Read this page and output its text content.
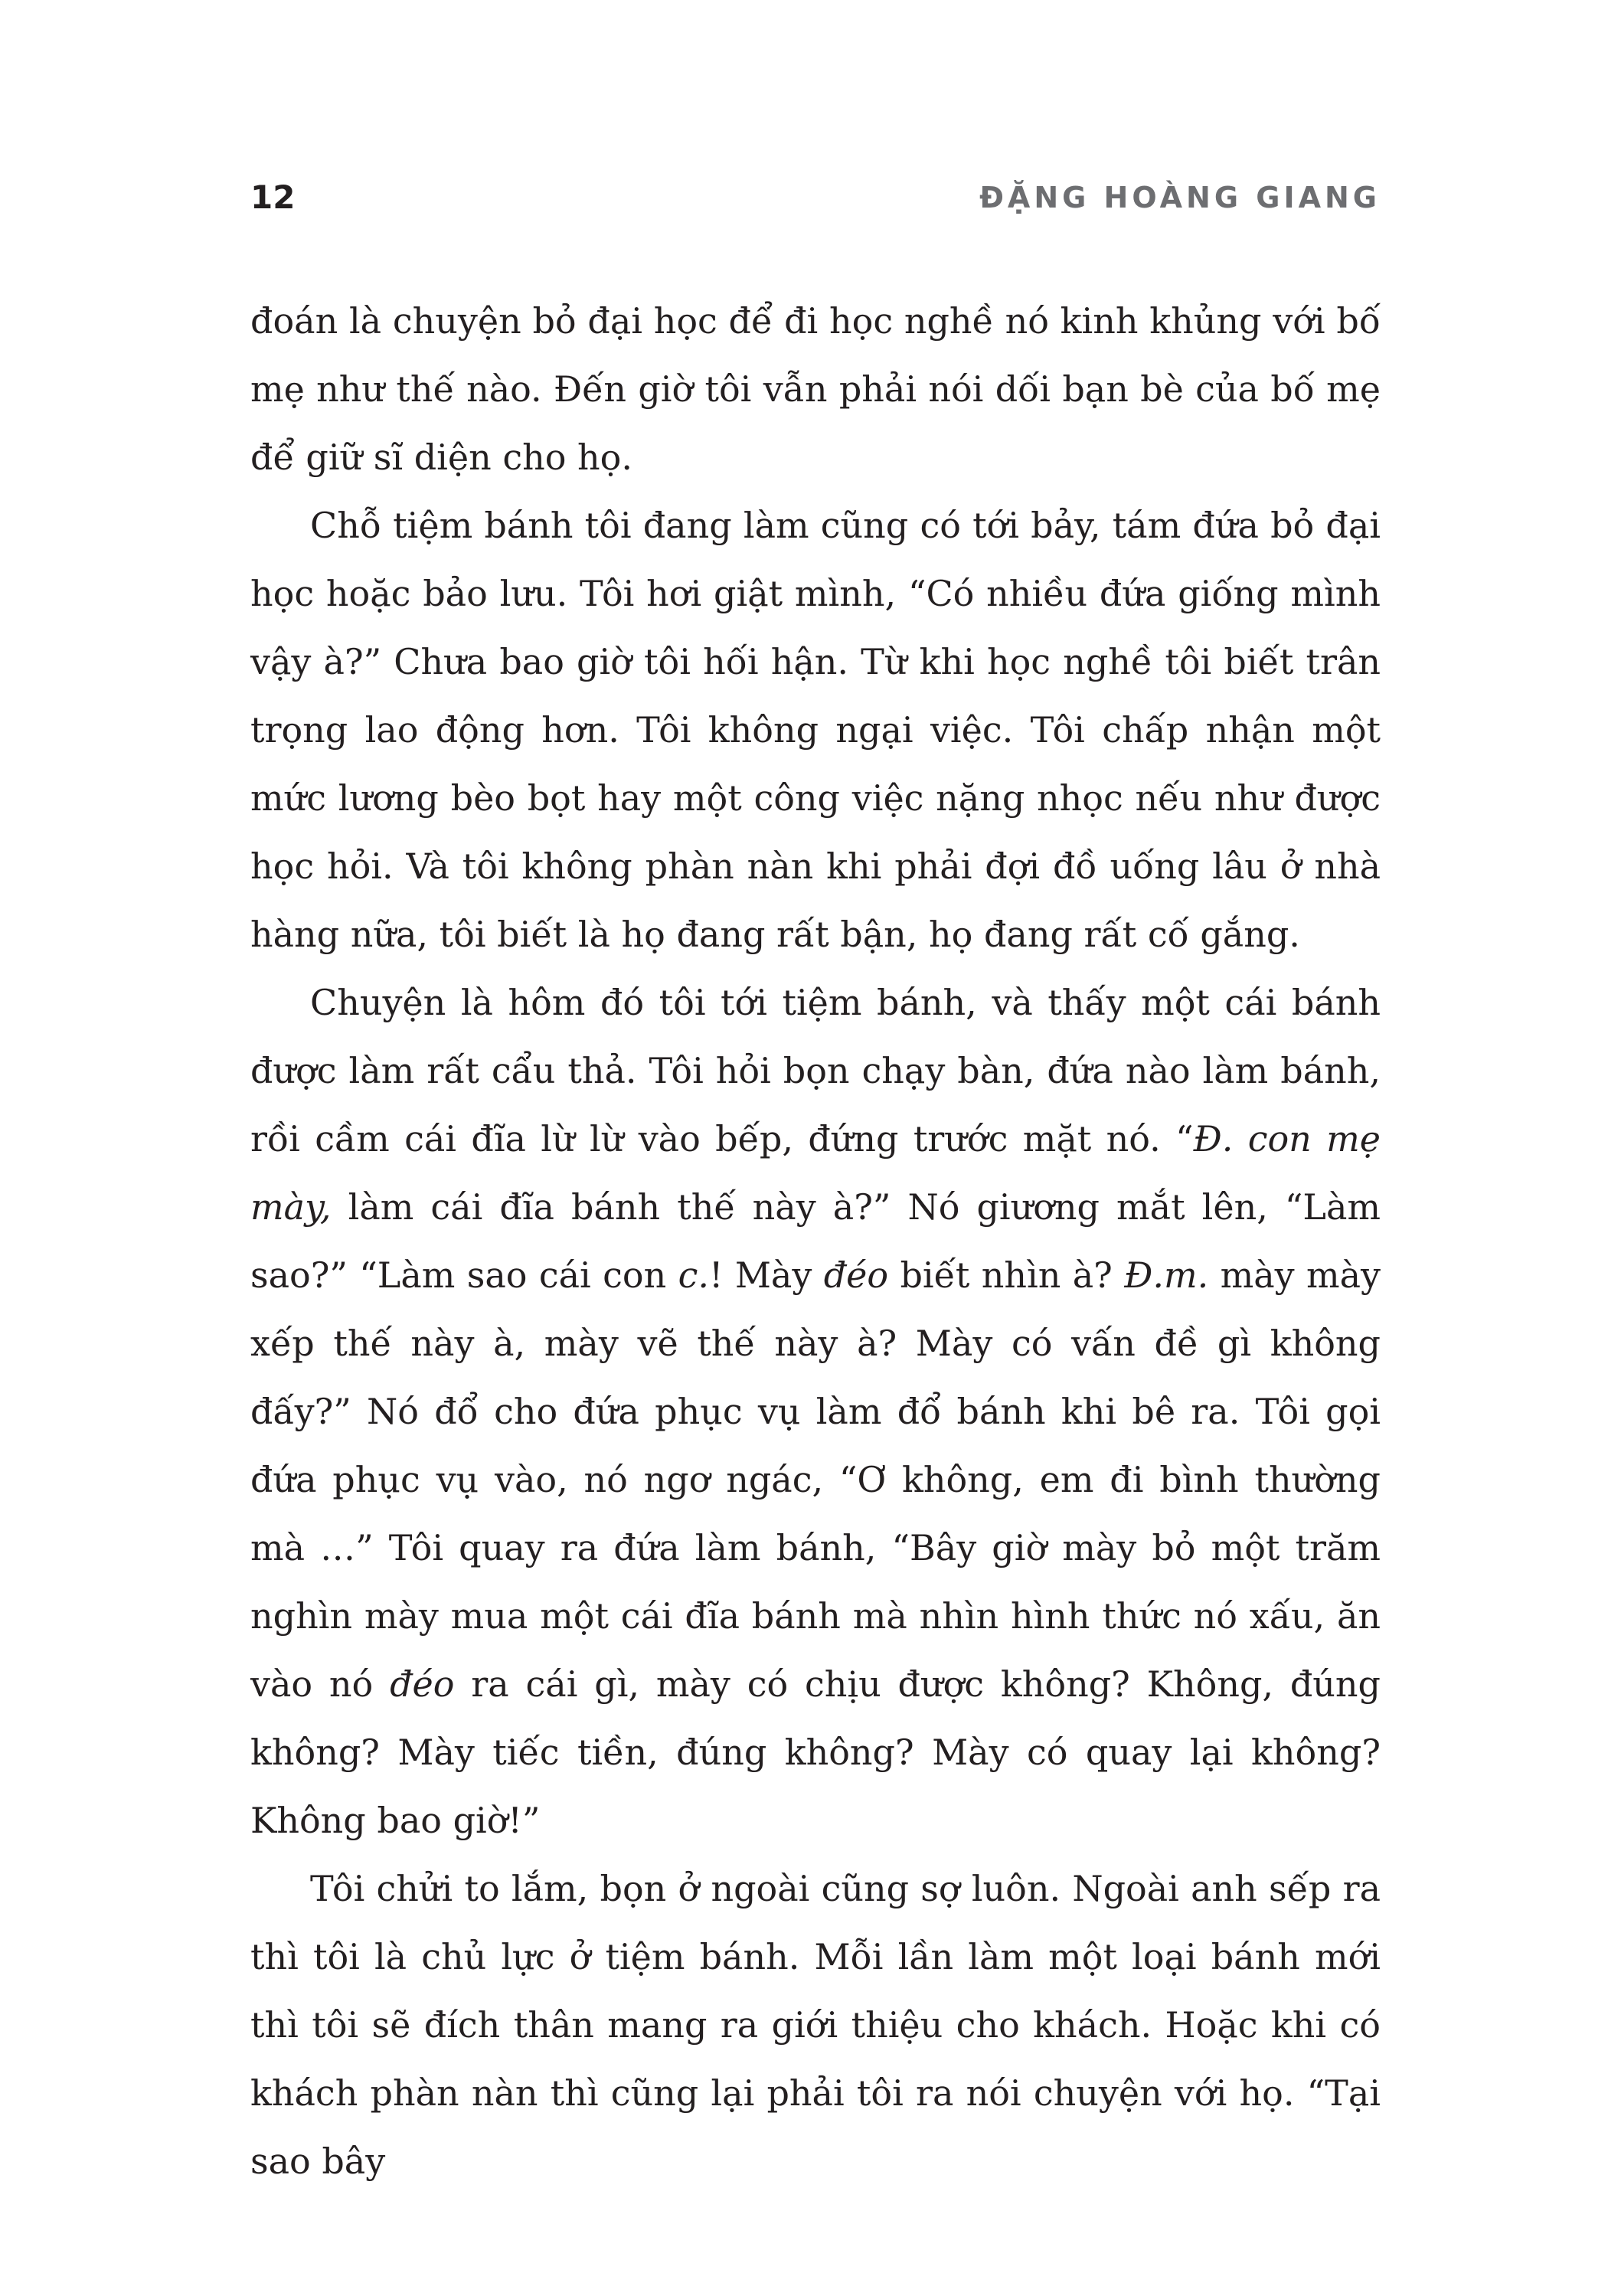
12	ĐẶNG HOÀNG GIANG

đoán là chuyện bỏ đại học để đi học nghề nó kinh khủng với bố mẹ như thế nào. Đến giờ tôi vẫn phải nói dối bạn bè của bố mẹ để giữ sĩ diện cho họ.

Chỗ tiệm bánh tôi đang làm cũng có tới bảy, tám đứa bỏ đại học hoặc bảo lưu. Tôi hơi giật mình, “Có nhiều đứa giống mình vậy à?” Chưa bao giờ tôi hối hận. Từ khi học nghề tôi biết trân trọng lao động hơn. Tôi không ngại việc. Tôi chấp nhận một mức lương bèo bọt hay một công việc nặng nhọc nếu như được học hỏi. Và tôi không phàn nàn khi phải đợi đồ uống lâu ở nhà hàng nữa, tôi biết là họ đang rất bận, họ đang rất cố gắng.

Chuyện là hôm đó tôi tới tiệm bánh, và thấy một cái bánh được làm rất cẩu thả. Tôi hỏi bọn chạy bàn, đứa nào làm bánh, rồi cầm cái đĩa lừ lừ vào bếp, đứng trước mặt nó. “Đ. con mẹ mày, làm cái đĩa bánh thế này à?” Nó giương mắt lên, “Làm sao?” “Làm sao cái con c.! Mày đéo biết nhìn à? Đ.m. mày mày xếp thế này à, mày vẽ thế này à? Mày có vấn đề gì không đấy?” Nó đổ cho đứa phục vụ làm đổ bánh khi bê ra. Tôi gọi đứa phục vụ vào, nó ngơ ngác, “Ơ không, em đi bình thường mà …” Tôi quay ra đứa làm bánh, “Bây giờ mày bỏ một trăm nghìn mày mua một cái đĩa bánh mà nhìn hình thức nó xấu, ăn vào nó đéo ra cái gì, mày có chịu được không? Không, đúng không? Mày tiếc tiền, đúng không? Mày có quay lại không? Không bao giờ!”

Tôi chửi to lắm, bọn ở ngoài cũng sợ luôn. Ngoài anh sếp ra thì tôi là chủ lực ở tiệm bánh. Mỗi lần làm một loại bánh mới thì tôi sẽ đích thân mang ra giới thiệu cho khách. Hoặc khi có khách phàn nàn thì cũng lại phải tôi ra nói chuyện với họ. “Tại sao bây
